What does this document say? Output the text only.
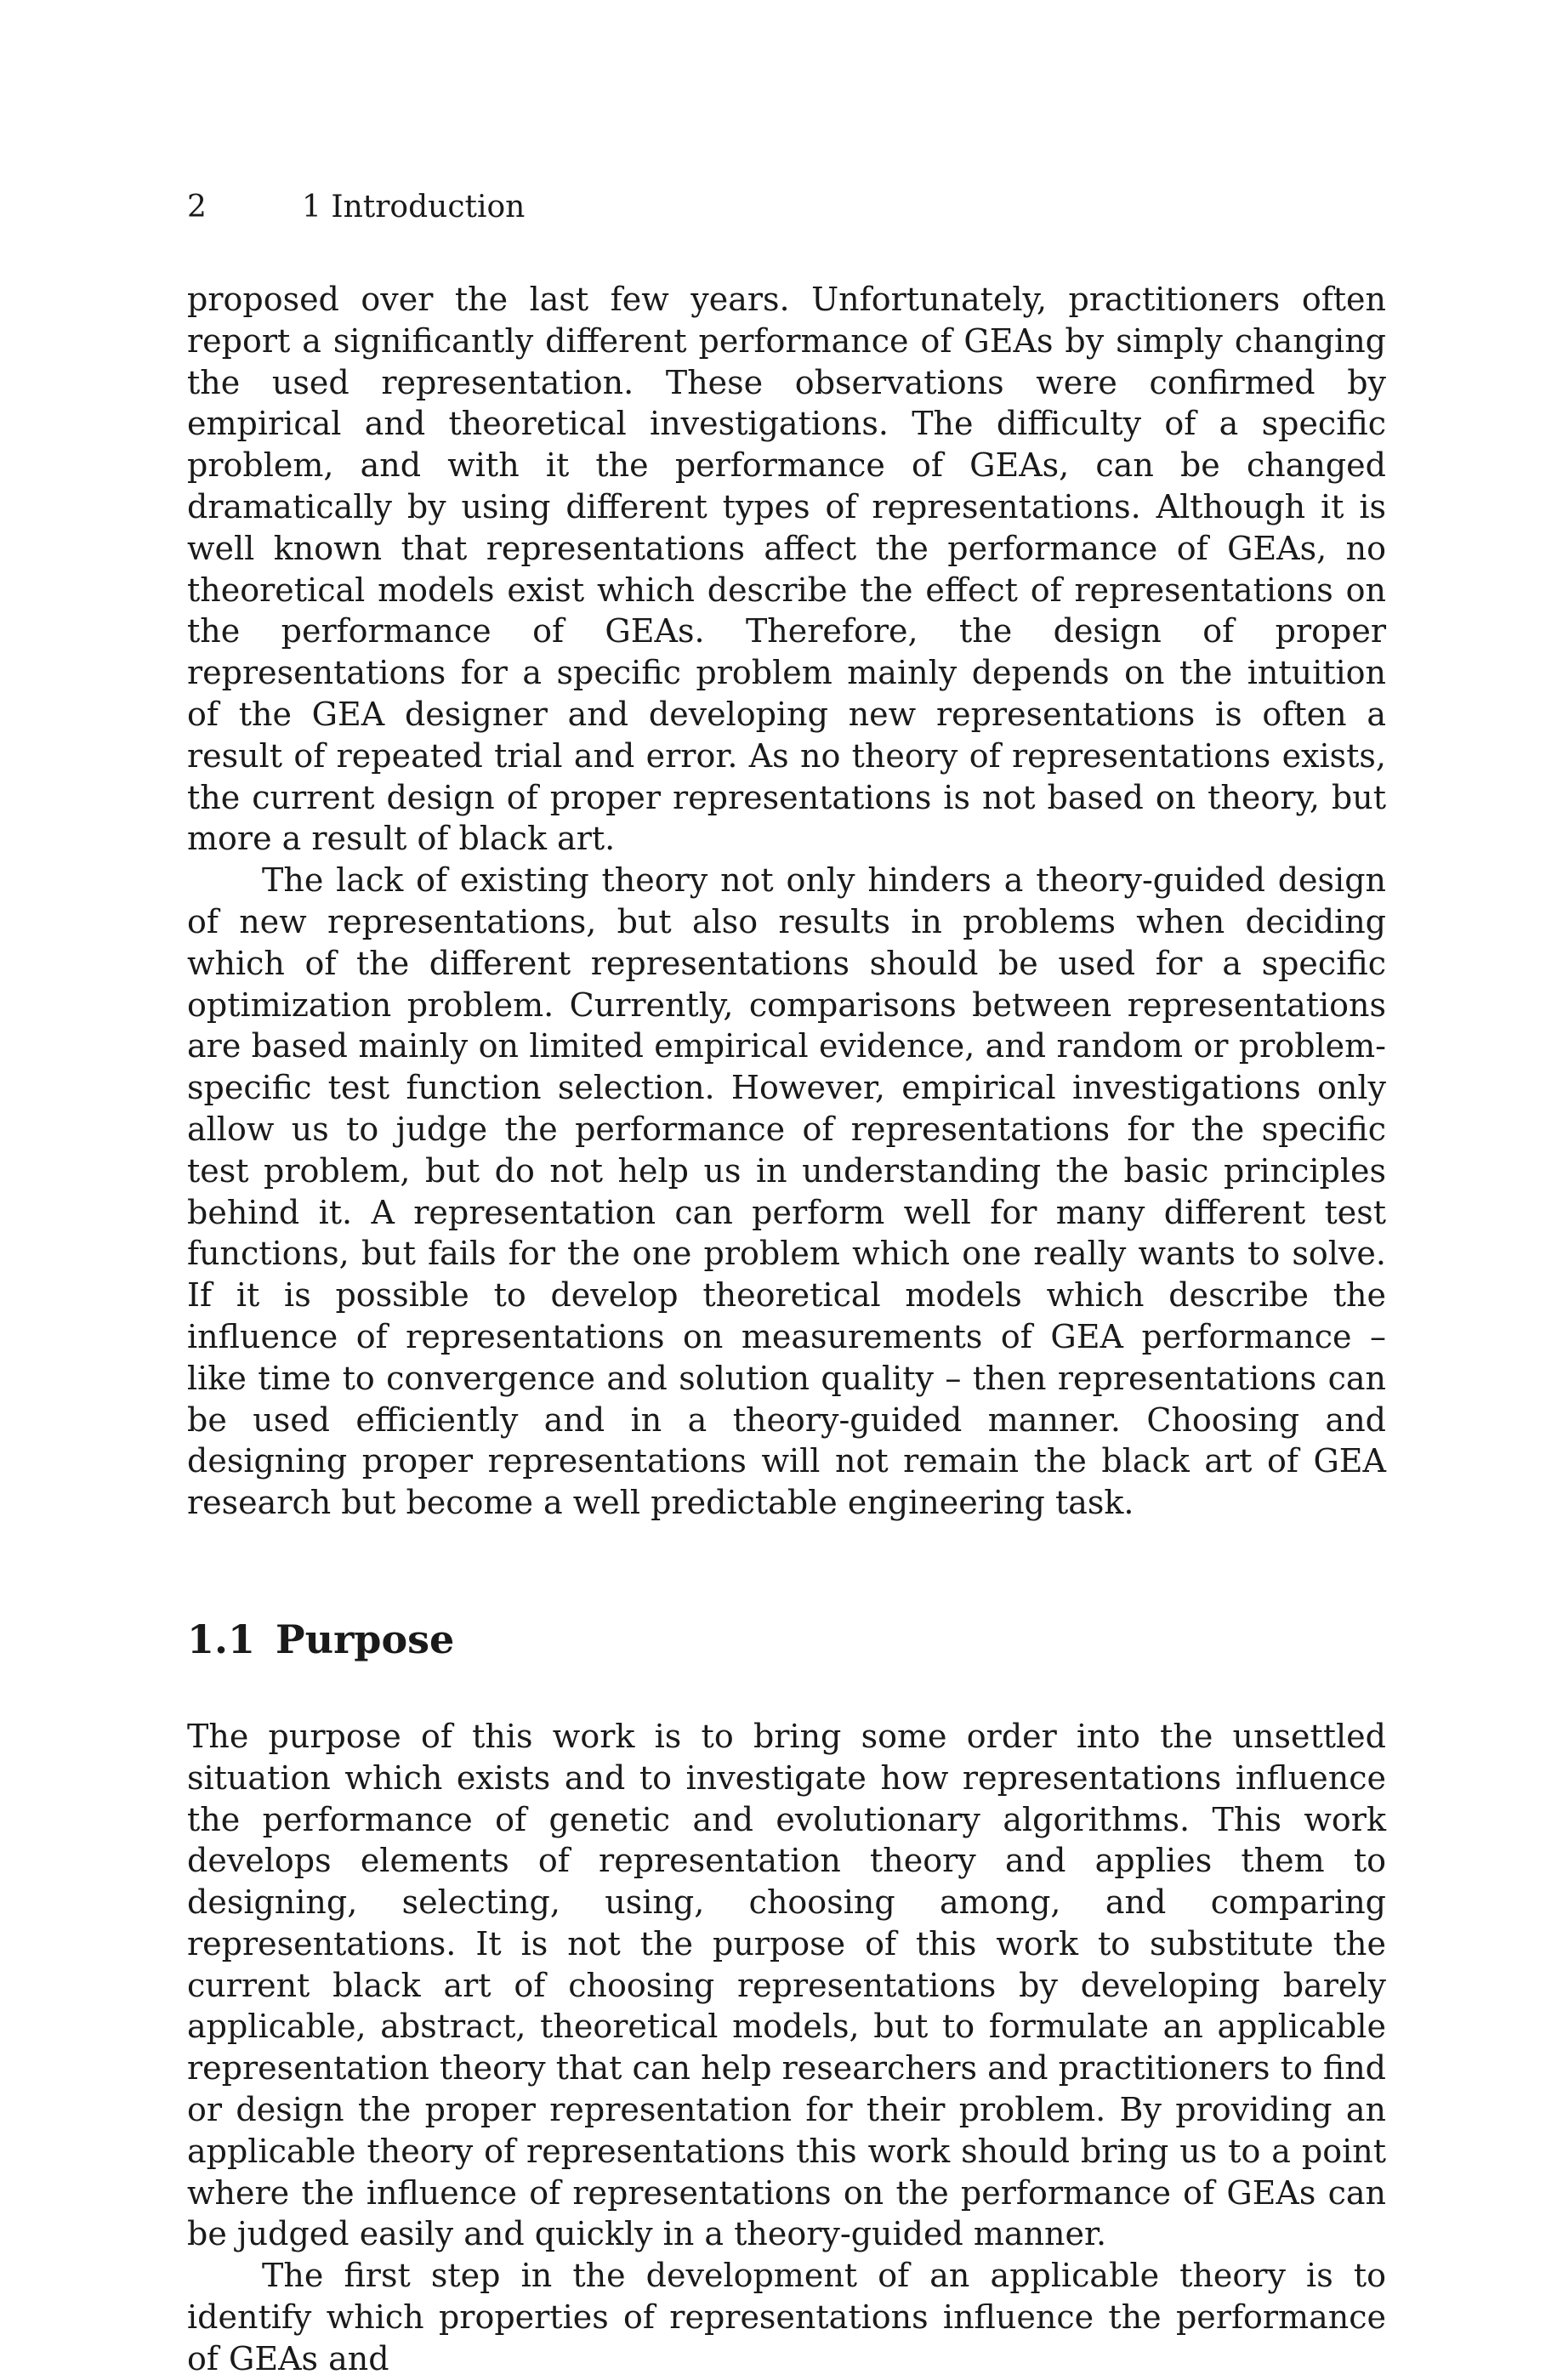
2	1 Introduction

proposed over the last few years. Unfortunately, practitioners often report a significantly different performance of GEAs by simply changing the used representation. These observations were confirmed by empirical and theoretical investigations. The difficulty of a specific problem, and with it the performance of GEAs, can be changed dramatically by using different types of representations. Although it is well known that representations affect the performance of GEAs, no theoretical models exist which describe the effect of representations on the performance of GEAs. Therefore, the design of proper representations for a specific problem mainly depends on the intuition of the GEA designer and developing new representations is often a result of repeated trial and error. As no theory of representations exists, the current design of proper representations is not based on theory, but more a result of black art.

The lack of existing theory not only hinders a theory-guided design of new representations, but also results in problems when deciding which of the different representations should be used for a specific optimization problem. Currently, comparisons between representations are based mainly on limited empirical evidence, and random or problem-specific test function selection. However, empirical investigations only allow us to judge the performance of representations for the specific test problem, but do not help us in understanding the basic principles behind it. A representation can perform well for many different test functions, but fails for the one problem which one really wants to solve. If it is possible to develop theoretical models which describe the influence of representations on measurements of GEA performance – like time to convergence and solution quality – then representations can be used efficiently and in a theory-guided manner. Choosing and designing proper representations will not remain the black art of GEA research but become a well predictable engineering task.

1.1 Purpose

The purpose of this work is to bring some order into the unsettled situation which exists and to investigate how representations influence the performance of genetic and evolutionary algorithms. This work develops elements of representation theory and applies them to designing, selecting, using, choosing among, and comparing representations. It is not the purpose of this work to substitute the current black art of choosing representations by developing barely applicable, abstract, theoretical models, but to formulate an applicable representation theory that can help researchers and practitioners to find or design the proper representation for their problem. By providing an applicable theory of representations this work should bring us to a point where the influence of representations on the performance of GEAs can be judged easily and quickly in a theory-guided manner.

The first step in the development of an applicable theory is to identify which properties of representations influence the performance of GEAs and
